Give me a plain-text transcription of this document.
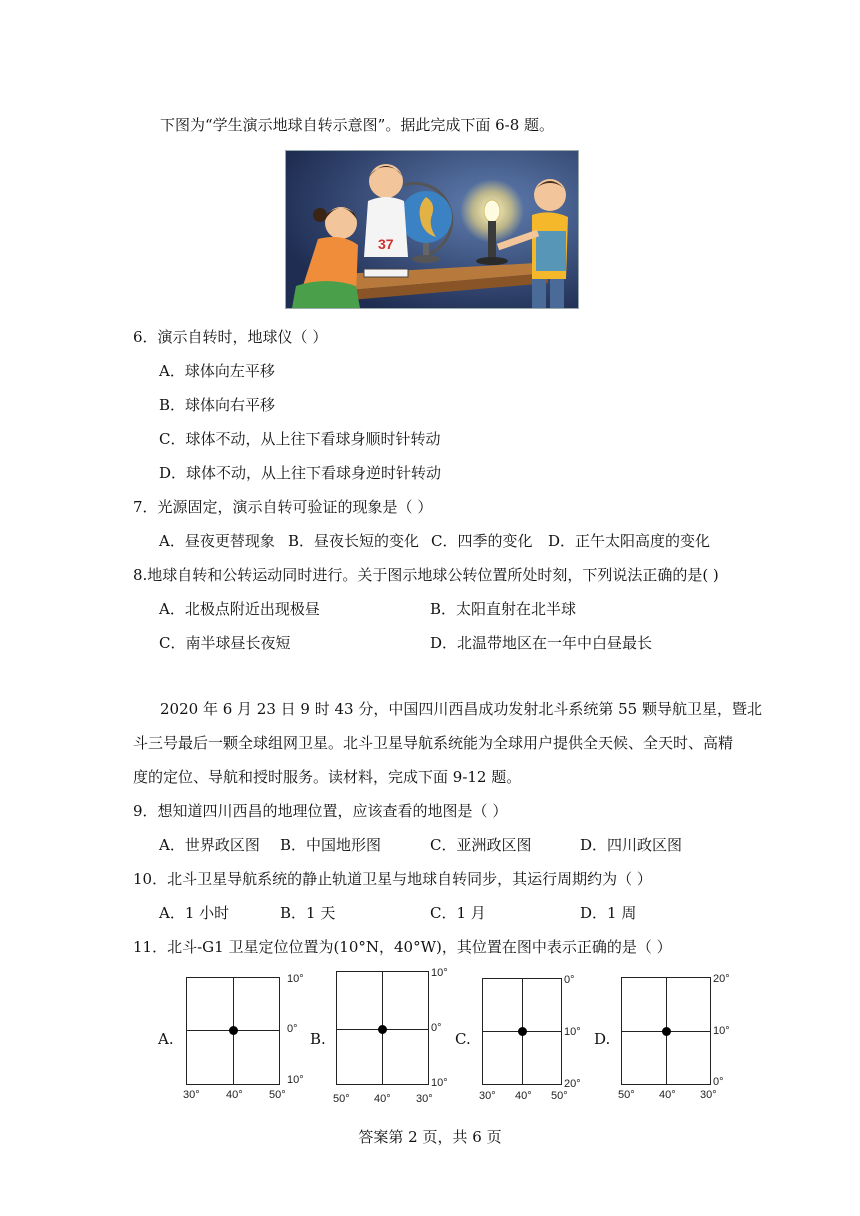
下图为“学生演示地球自转示意图”。据此完成下面 6-8 题。
37
6．演示自转时，地球仪（ ）
A．球体向左平移
B．球体向右平移
C．球体不动，从上往下看球身顺时针转动
D．球体不动，从上往下看球身逆时针转动
7．光源固定，演示自转可验证的现象是（ ）
A．昼夜更替现象 B．昼夜长短的变化 C．四季的变化 D．正午太阳高度的变化
8.地球自转和公转运动同时进行。关于图示地球公转位置所处时刻，下列说法正确的是( )
A．北极点附近出现极昼	B．太阳直射在北半球
C．南半球昼长夜短	D．北温带地区在一年中白昼最长
2020 年 6 月 23 日 9 时 43 分，中国四川西昌成功发射北斗系统第 55 颗导航卫星，暨北
斗三号最后一颗全球组网卫星。北斗卫星导航系统能为全球用户提供全天候、全天时、高精
度的定位、导航和授时服务。读材料，完成下面 9-12 题。
9．想知道四川西昌的地理位置，应该查看的地图是（ ）
A．世界政区图 B．中国地形图	C．亚洲政区图	D．四川政区图
10．北斗卫星导航系统的静止轨道卫星与地球自转同步，其运行周期约为（ ）
A．1 小时	B．1 天	C．1 月	D．1 周
11．北斗-G1 卫星定位位置为(10°N，40°W)，其位置在图中表示正确的是（ ）
A.
10°
0°
10°
30° 40° 50°
B.
10°
0°
10°
50° 40° 30°
C.
0°
10°
20°
30° 40° 50°
D.
20°
10°
0°
50° 40° 30°
答案第 2 页，共 6 页
